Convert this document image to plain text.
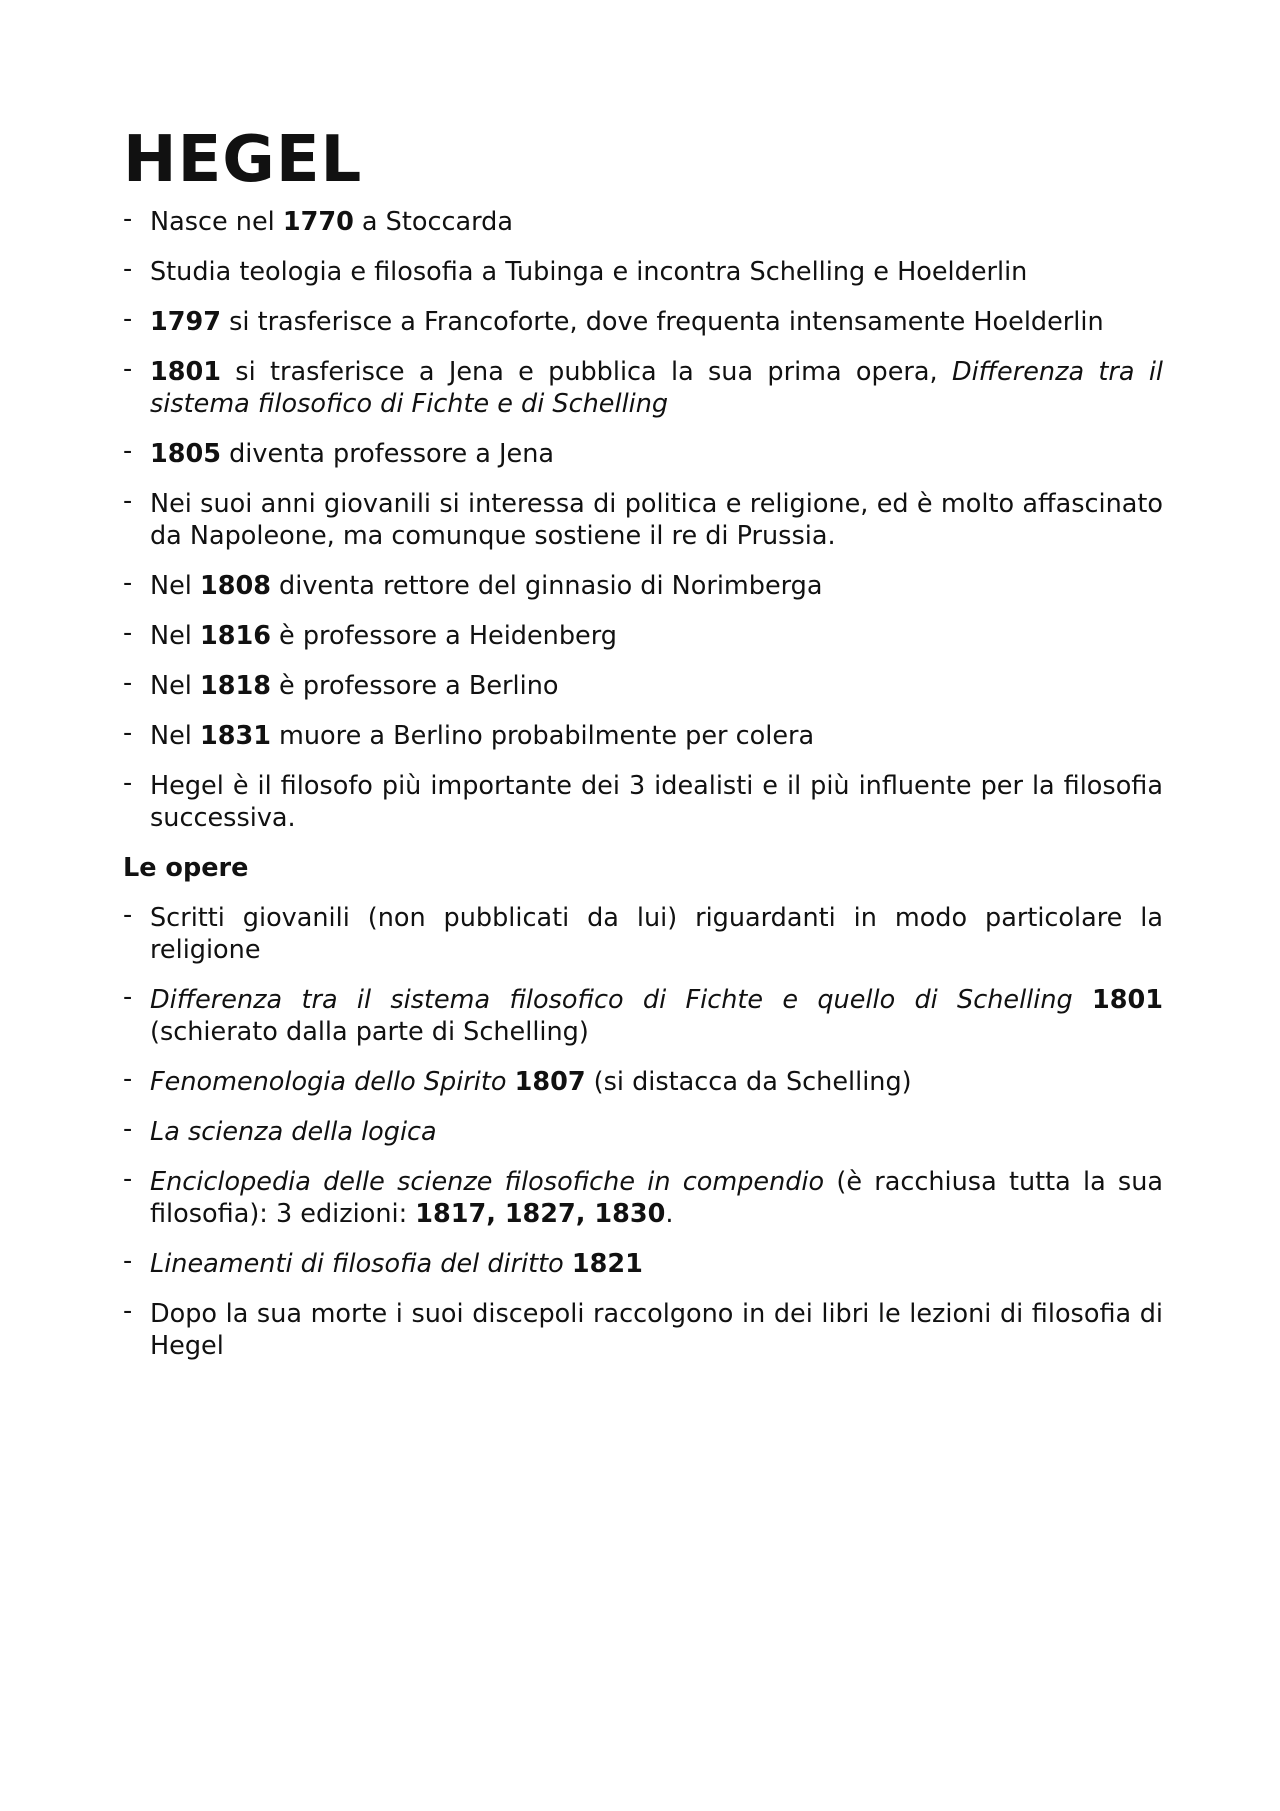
HEGEL
- Nasce nel 1770 a Stoccarda
- Studia teologia e filosofia a Tubinga e incontra Schelling e Hoelderlin
- 1797 si trasferisce a Francoforte, dove frequenta intensamente Hoelderlin
- 1801 si trasferisce a Jena e pubblica la sua prima opera, Differenza tra il sistema filosofico di Fichte e di Schelling
- 1805 diventa professore a Jena
- Nei suoi anni giovanili si interessa di politica e religione, ed è molto affascinato da Napoleone, ma comunque sostiene il re di Prussia.
- Nel 1808 diventa rettore del ginnasio di Norimberga
- Nel 1816 è professore a Heidenberg
- Nel 1818 è professore a Berlino
- Nel 1831 muore a Berlino probabilmente per colera
- Hegel è il filosofo più importante dei 3 idealisti e il più influente per la filosofia successiva.
Le opere
- Scritti giovanili (non pubblicati da lui) riguardanti in modo particolare la religione
- Differenza tra il sistema filosofico di Fichte e quello di Schelling 1801 (schierato dalla parte di Schelling)
- Fenomenologia dello Spirito 1807 (si distacca da Schelling)
- La scienza della logica
- Enciclopedia delle scienze filosofiche in compendio (è racchiusa tutta la sua filosofia): 3 edizioni: 1817, 1827, 1830.
- Lineamenti di filosofia del diritto 1821
- Dopo la sua morte i suoi discepoli raccolgono in dei libri le lezioni di filosofia di Hegel
